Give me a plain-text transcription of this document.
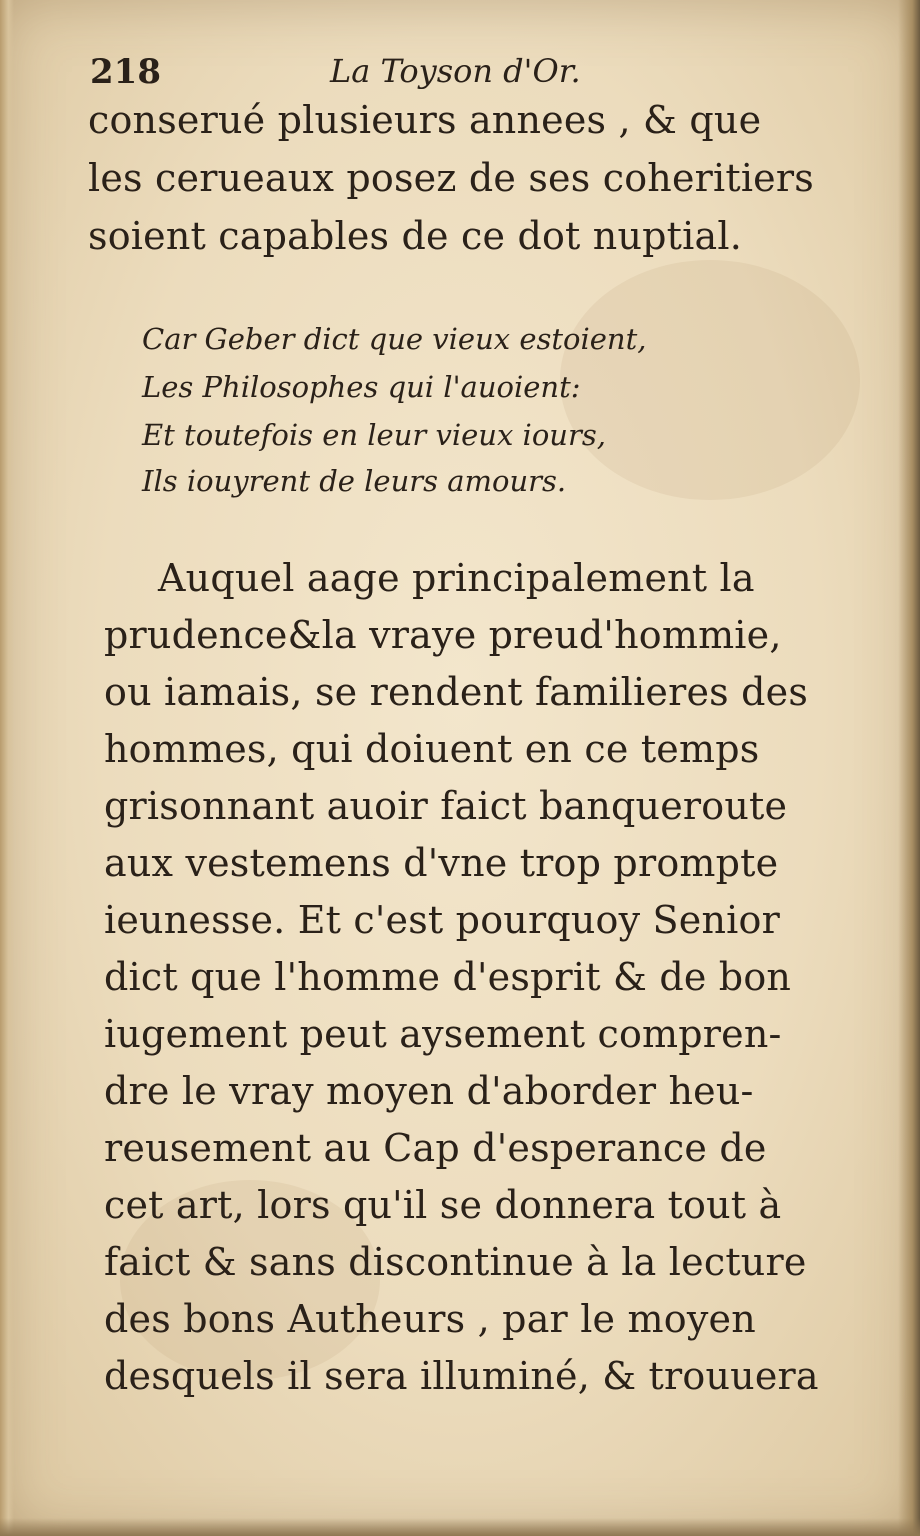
218	La Toyson d'Or.
conserué plusieurs annees , & que
les cerueaux posez de ses coheritiers
soient capables de ce dot nuptial.
Car Geber dict que vieux estoient,
Les Philosophes qui l'auoient:
Et toutefois en leur vieux iours,
Ils iouyrent de leurs amours.
Auquel aage principalement la
prudence&la vraye preud'hommie,
ou iamais, se rendent familieres des
hommes, qui doiuent en ce temps
grisonnant auoir faict banqueroute
aux vestemens d'vne trop prompte
ieunesse. Et c'est pourquoy Senior
dict que l'homme d'esprit & de bon
iugement peut aysement compren-
dre le vray moyen d'aborder heu-
reusement au Cap d'esperance de
cet art, lors qu'il se donnera tout à
faict & sans discontinue à la lecture
des bons Autheurs , par le moyen
desquels il sera illuminé, & trouuera
